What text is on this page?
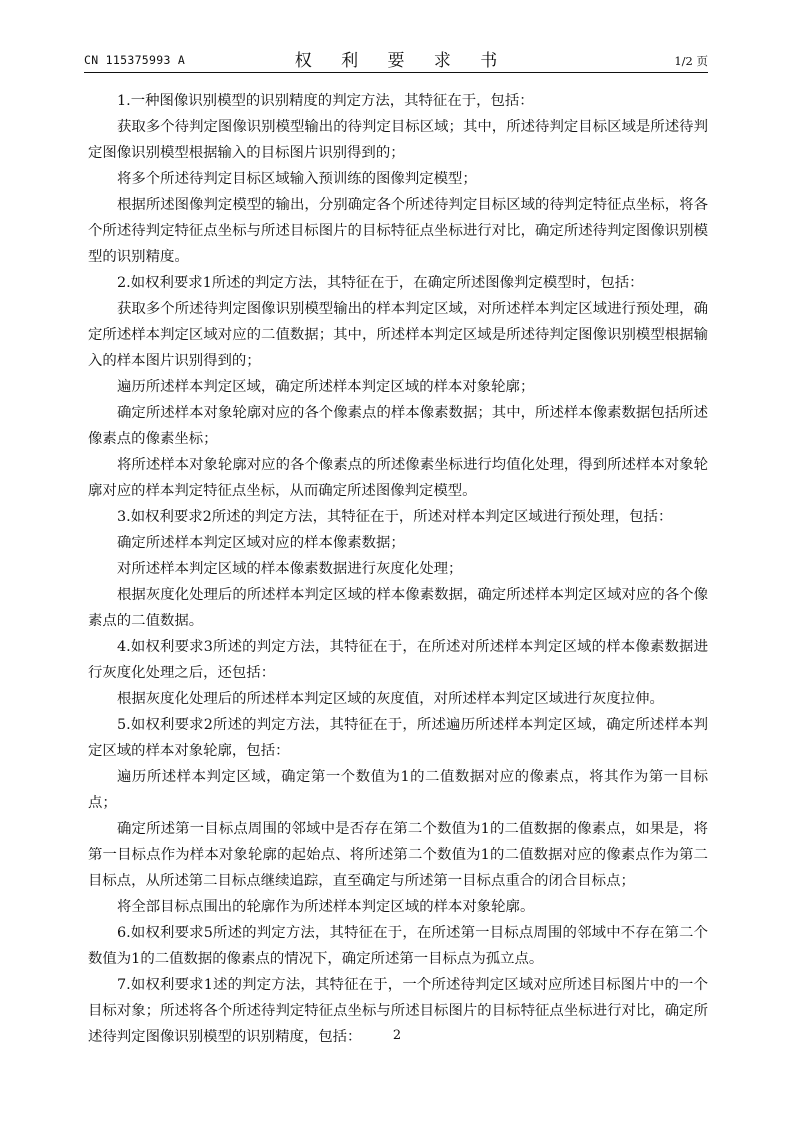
CN 115375993 A	权 利 要 求 书	1/2 页

1.一种图像识别模型的识别精度的判定方法，其特征在于，包括：

获取多个待判定图像识别模型输出的待判定目标区域；其中，所述待判定目标区域是所述待判定图像识别模型根据输入的目标图片识别得到的；

将多个所述待判定目标区域输入预训练的图像判定模型；

根据所述图像判定模型的输出，分别确定各个所述待判定目标区域的待判定特征点坐标，将各个所述待判定特征点坐标与所述目标图片的目标特征点坐标进行对比，确定所述待判定图像识别模型的识别精度。

2.如权利要求1所述的判定方法，其特征在于，在确定所述图像判定模型时，包括：

获取多个所述待判定图像识别模型输出的样本判定区域，对所述样本判定区域进行预处理，确定所述样本判定区域对应的二值数据；其中，所述样本判定区域是所述待判定图像识别模型根据输入的样本图片识别得到的；

遍历所述样本判定区域，确定所述样本判定区域的样本对象轮廓；

确定所述样本对象轮廓对应的各个像素点的样本像素数据；其中，所述样本像素数据包括所述像素点的像素坐标；

将所述样本对象轮廓对应的各个像素点的所述像素坐标进行均值化处理，得到所述样本对象轮廓对应的样本判定特征点坐标，从而确定所述图像判定模型。

3.如权利要求2所述的判定方法，其特征在于，所述对样本判定区域进行预处理，包括：

确定所述样本判定区域对应的样本像素数据；

对所述样本判定区域的样本像素数据进行灰度化处理；

根据灰度化处理后的所述样本判定区域的样本像素数据，确定所述样本判定区域对应的各个像素点的二值数据。

4.如权利要求3所述的判定方法，其特征在于，在所述对所述样本判定区域的样本像素数据进行灰度化处理之后，还包括：

根据灰度化处理后的所述样本判定区域的灰度值，对所述样本判定区域进行灰度拉伸。

5.如权利要求2所述的判定方法，其特征在于，所述遍历所述样本判定区域，确定所述样本判定区域的样本对象轮廓，包括：

遍历所述样本判定区域，确定第一个数值为1的二值数据对应的像素点，将其作为第一目标点；

确定所述第一目标点周围的邻域中是否存在第二个数值为1的二值数据的像素点，如果是，将第一目标点作为样本对象轮廓的起始点、将所述第二个数值为1的二值数据对应的像素点作为第二目标点，从所述第二目标点继续追踪，直至确定与所述第一目标点重合的闭合目标点；

将全部目标点围出的轮廓作为所述样本判定区域的样本对象轮廓。

6.如权利要求5所述的判定方法，其特征在于，在所述第一目标点周围的邻域中不存在第二个数值为1的二值数据的像素点的情况下，确定所述第一目标点为孤立点。

7.如权利要求1述的判定方法，其特征在于，一个所述待判定区域对应所述目标图片中的一个目标对象；所述将各个所述待判定特征点坐标与所述目标图片的目标特征点坐标进行对比，确定所述待判定图像识别模型的识别精度，包括：	2
